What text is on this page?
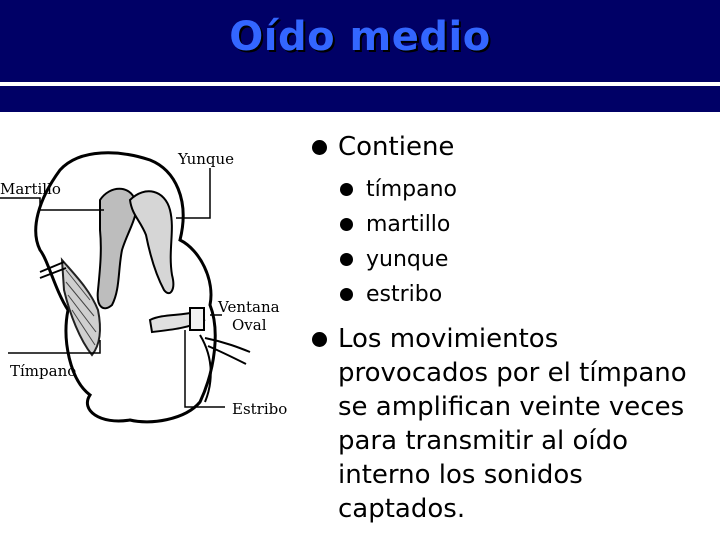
Oído medio
Yunque
Martillo
Ventana
Oval
Tímpano
Estribo
Contiene
tímpano
martillo
yunque
estribo
Los movimientos
provocados por el tímpano
se amplifican veinte veces
para transmitir al oído
interno los sonidos
captados.
